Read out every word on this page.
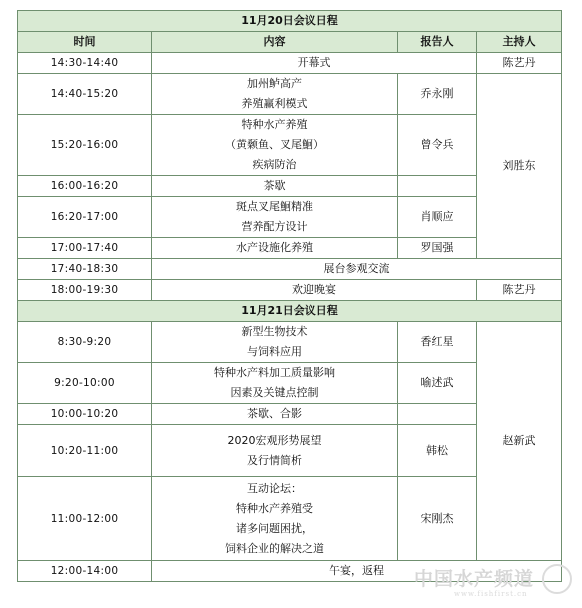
11月20日会议日程			
时间	内容	报告人	主持人
14:30-14:40	开幕式		陈艺丹
14:40-15:20	加州鲈高产
养殖赢利模式	乔永刚	刘胜东
15:20-16:00	特种水产养殖
（黄颡鱼、叉尾鮰）
疾病防治	曾令兵	
16:00-16:20	茶歇		
16:20-17:00	斑点叉尾鮰精准
营养配方设计	肖顺应	
17:00-17:40	水产设施化养殖	罗国强	
17:40-18:30	展台参观交流		
18:00-19:30	欢迎晚宴		陈艺丹
11月21日会议日程			
8:30-9:20	新型生物技术
与饲料应用	香红星	赵新武
9:20-10:00	特种水产料加工质量影响
因素及关键点控制	喻述武	
10:00-10:20	茶歇、合影		
10:20-11:00	2020宏观形势展望
及行情简析	韩松	
11:00-12:00	互动论坛：
特种水产养殖受
诸多问题困扰，
饲料企业的解决之道	宋刚杰	
12:00-14:00	午宴，返程		中国水产频道
www.fishfirst.cn
